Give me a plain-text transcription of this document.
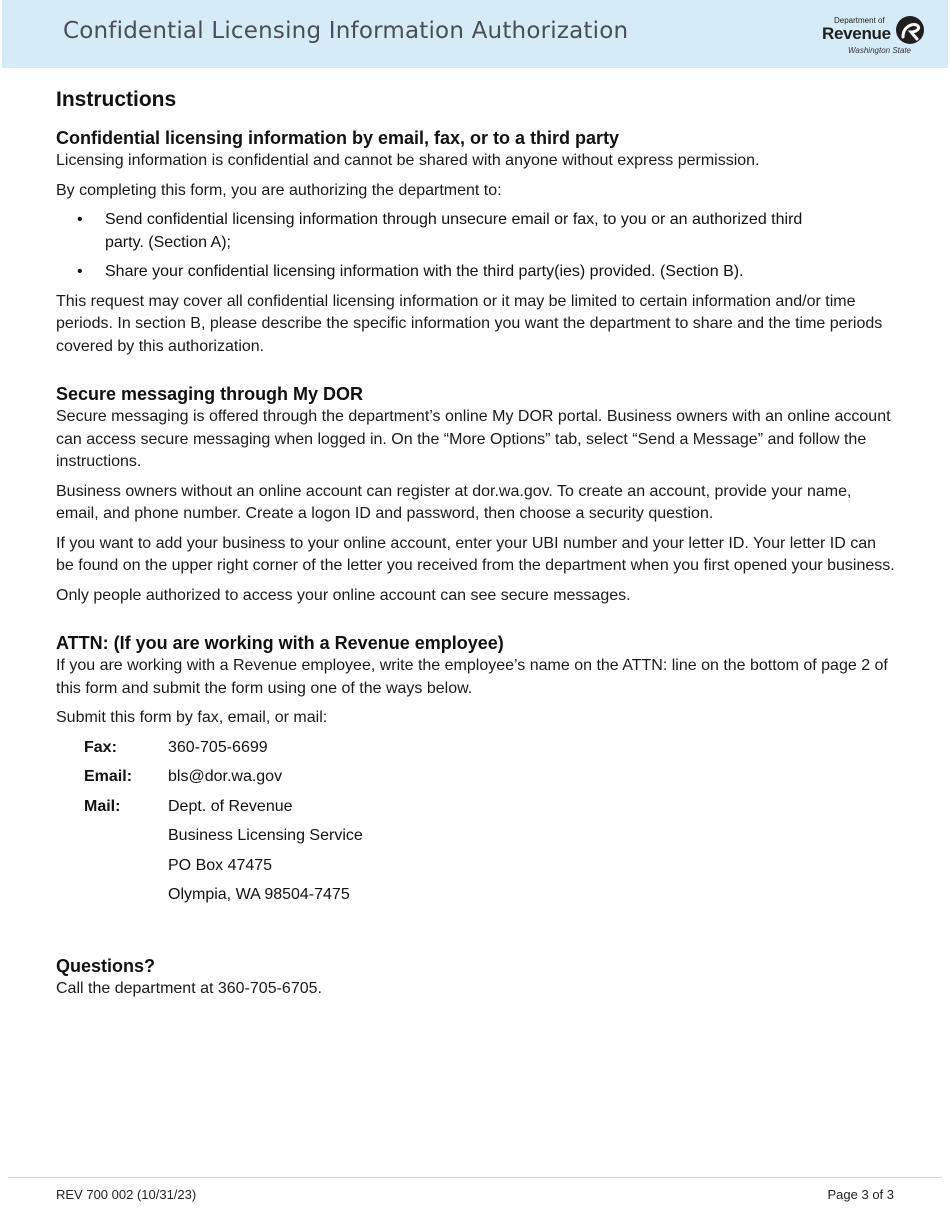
Confidential Licensing Information Authorization	Department of
Revenue
Washington State
Instructions
Confidential licensing information by email, fax, or to a third party

Licensing information is confidential and cannot be shared with anyone without express permission.

By completing this form, you are authorizing the department to:

• Send confidential licensing information through unsecure email or fax, to you or an authorized third party. (Section A);
• Share your confidential licensing information with the third party(ies) provided. (Section B).

This request may cover all confidential licensing information or it may be limited to certain information and/or time periods. In section B, please describe the specific information you want the department to share and the time periods covered by this authorization.

Secure messaging through My DOR

Secure messaging is offered through the department’s online My DOR portal. Business owners with an online account can access secure messaging when logged in. On the “More Options” tab, select “Send a Message” and follow the instructions.

Business owners without an online account can register at dor.wa.gov. To create an account, provide your name, email, and phone number. Create a logon ID and password, then choose a security question.

If you want to add your business to your online account, enter your UBI number and your letter ID. Your letter ID can be found on the upper right corner of the letter you received from the department when you first opened your business.

Only people authorized to access your online account can see secure messages.

ATTN: (If you are working with a Revenue employee)

If you are working with a Revenue employee, write the employee’s name on the ATTN: line on the bottom of page 2 of this form and submit the form using one of the ways below.

Submit this form by fax, email, or mail:

Fax:	360-705-6699
Email:	bls@dor.wa.gov
Mail:	Dept. of Revenue
	Business Licensing Service
	PO Box 47475
	Olympia, WA 98504-7475
Questions?

Call the department at 360-705-6705.

REV 700 002 (10/31/23)	Page 3 of 3
